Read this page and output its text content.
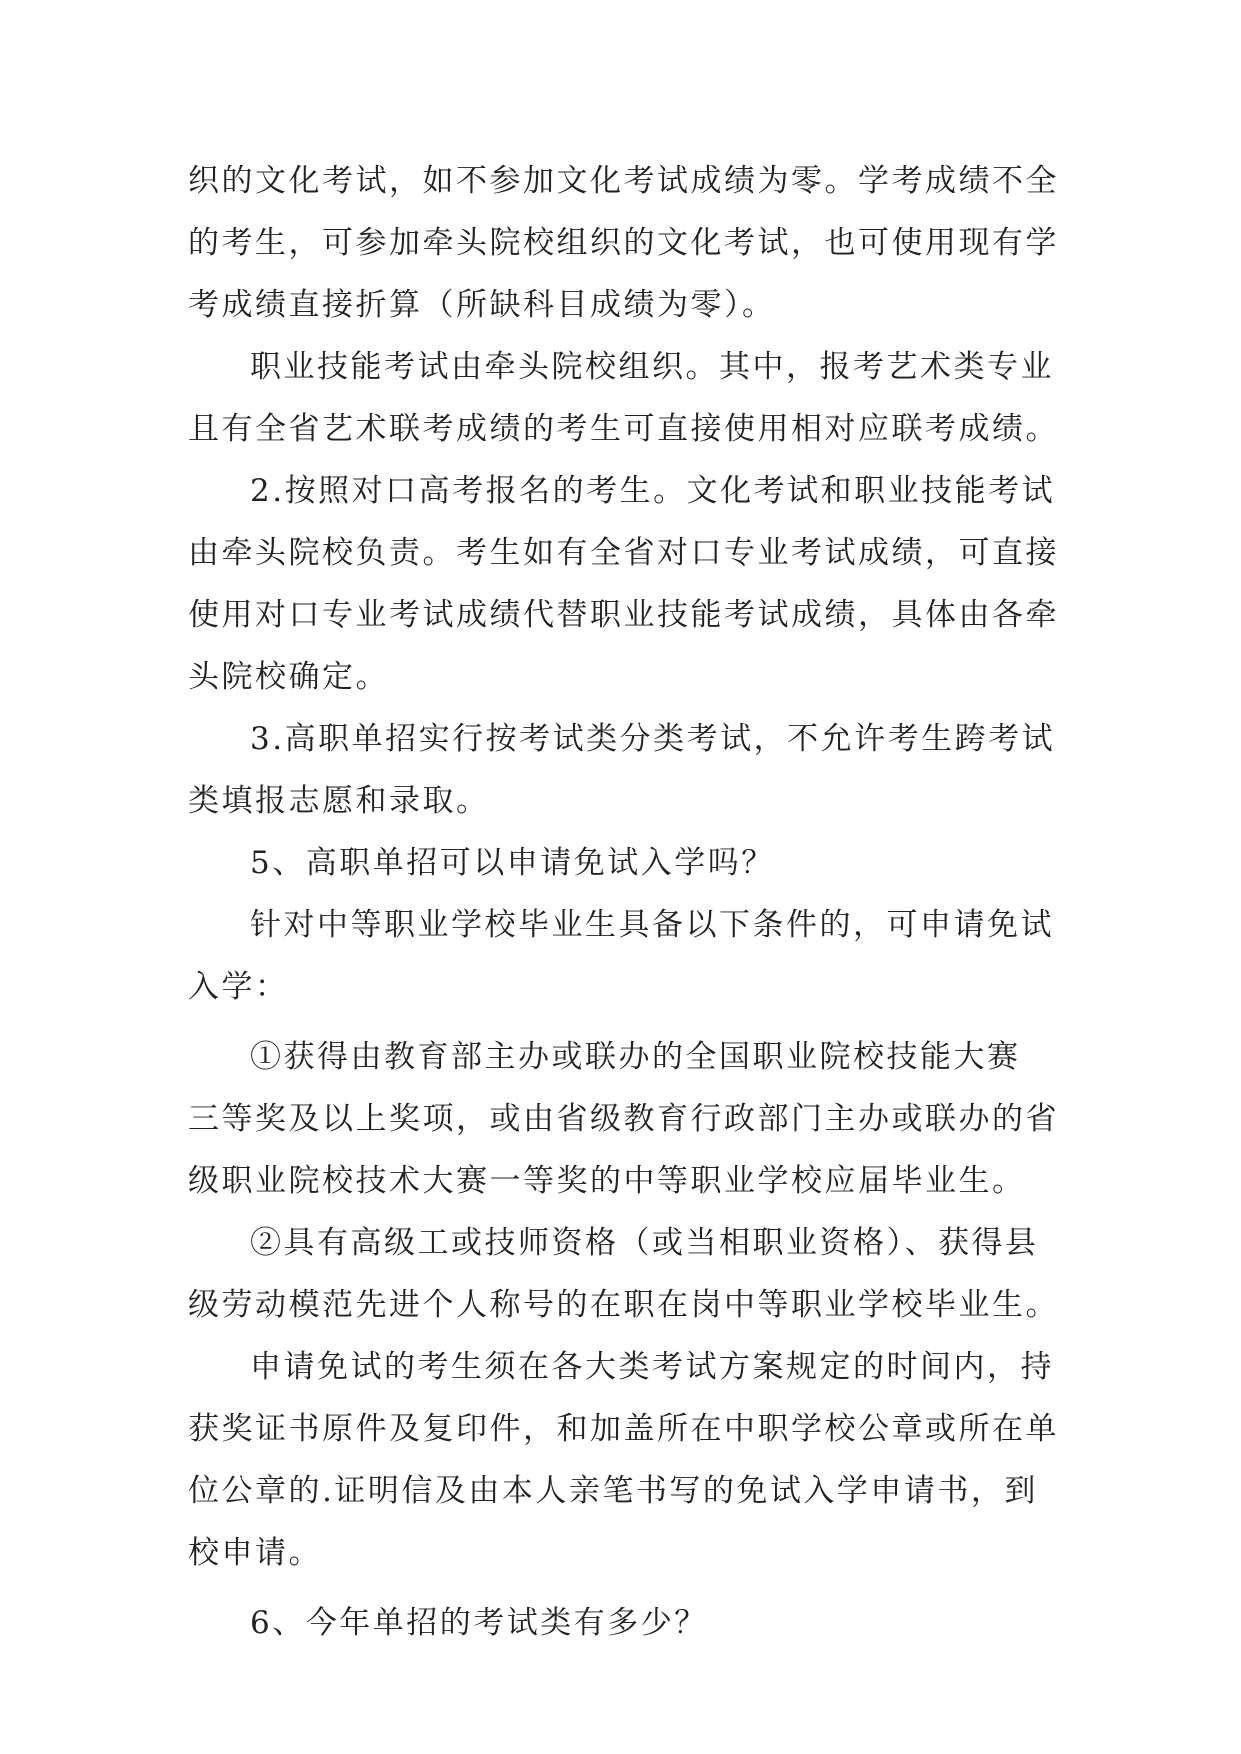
织的文化考试，如不参加文化考试成绩为零。学考成绩不全
的考生，可参加牵头院校组织的文化考试，也可使用现有学
考成绩直接折算（所缺科目成绩为零）。
职业技能考试由牵头院校组织。其中，报考艺术类专业
且有全省艺术联考成绩的考生可直接使用相对应联考成绩。
2.按照对口高考报名的考生。文化考试和职业技能考试
由牵头院校负责。考生如有全省对口专业考试成绩，可直接
使用对口专业考试成绩代替职业技能考试成绩，具体由各牵
头院校确定。
3.高职单招实行按考试类分类考试，不允许考生跨考试
类填报志愿和录取。
5、高职单招可以申请免试入学吗？
针对中等职业学校毕业生具备以下条件的，可申请免试
入学：
①获得由教育部主办或联办的全国职业院校技能大赛
三等奖及以上奖项，或由省级教育行政部门主办或联办的省
级职业院校技术大赛一等奖的中等职业学校应届毕业生。
②具有高级工或技师资格（或当相职业资格）、获得县
级劳动模范先进个人称号的在职在岗中等职业学校毕业生。
申请免试的考生须在各大类考试方案规定的时间内，持
获奖证书原件及复印件，和加盖所在中职学校公章或所在单
位公章的.证明信及由本人亲笔书写的免试入学申请书，到
校申请。
6、今年单招的考试类有多少？
